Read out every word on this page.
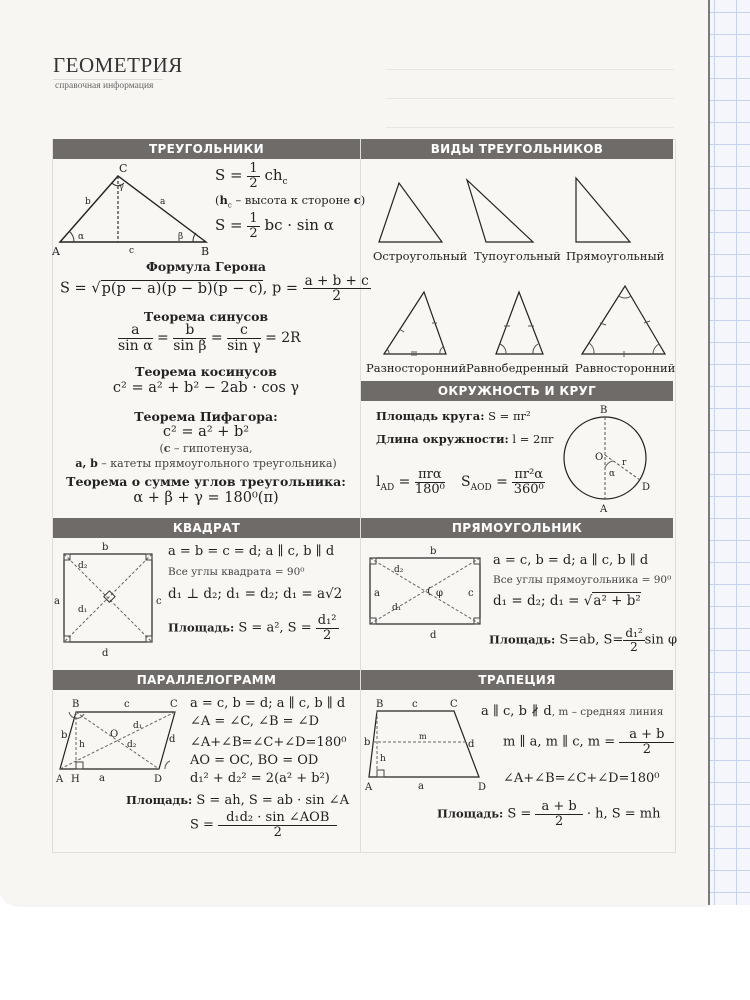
ГЕОМЕТРИЯ
справочная информация
ТРЕУГОЛЬНИКИ
A	B
C
a
b
c
α	β
γ
$S = \frac{1}{2} ch_c$
($h_c$ – высота к стороне c)
$S = \frac{1}{2}$ bc · sin α
Формула Герона
S = √p(p − a)(p − b)(p − c), $p = \frac{a + b + c}{2}$
Теорема синусов
$\frac{a}{\text{sin α}} = \frac{b}{\text{sin β}} = \frac{c}{\text{sin γ}} = 2R$
Теорема косинусов
c² = a² + b² − 2ab · cos γ
Теорема Пифагора:
c² = a² + b²
(c – гипотенуза,
a, b – катеты прямоугольного треугольника)
Теорема о сумме углов треугольника:
α + β + γ = 180⁰(π)
ВИДЫ ТРЕУГОЛЬНИКОВ
Остроугольный Тупоугольный Прямоугольный
Разносторонний Равнобедренный Равносторонний
ОКРУЖНОСТЬ И КРУГ
Площадь круга: S = πr²
Длина окружности: l = 2πr
$l_{AD} = \frac{\text{πrα}}{\text{180⁰}} S_{AOD} = \frac{\text{πr²α}}{\text{360⁰}}$
B
A
D
O r
α
КВАДРАТ
b
d
a	c
d₂
d₁
a = b = c = d; a ∥ c, b ∥ d
Все углы квадрата = 90⁰
d₁ ⊥ d₂; d₁ = d₂; d₁ = a√2
Площадь: S = a², $S = \frac{\text{d₁²}}{2}$
ПРЯМОУГОЛЬНИК
b
d
a	c
d₂
d₁
φ
a = c, b = d; a ∥ c, b ∥ d
Все углы прямоугольника = 90⁰
d₁ = d₂; d₁ = √a² + b²
Площадь: S=ab, $S= \frac{\text{d₁²}}{2}$ sin φ
ПАРАЛЛЕЛОГРАММ
B	C
A H	D
c
a
b	d
h
O
d₁
d₂
a = c, b = d; a ∥ c, b ∥ d
∠A = ∠C, ∠B = ∠D
∠A+∠B=∠C+∠D=180⁰
AO = OC, BO = OD
d₁² + d₂² = 2(a² + b²)
Площадь: S = ah, S = ab · sin ∠A
$S = \frac{\text{d₁d₂ · sin ∠AOB}}{2}$
ТРАПЕЦИЯ
B	C
A	D
c
a
b	d
h
m
a ∥ c, b ∦ d, m – средняя линия
m ∥ a, m ∥ c, $m = \frac{a + b}{2}$
∠A+∠B=∠C+∠D=180⁰
Площадь: $S = \frac{a + b}{2} \cdot h$, S = mh
